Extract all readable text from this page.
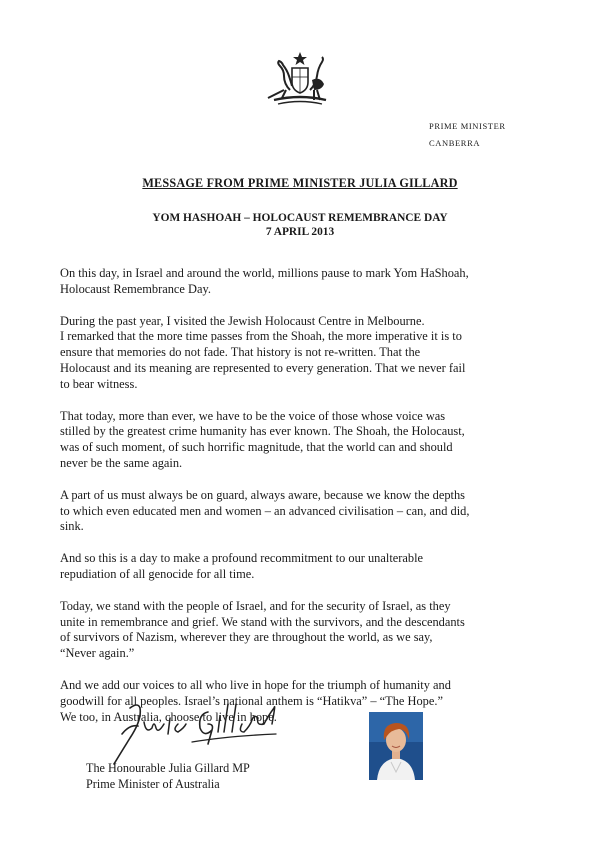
PRIME MINISTER
CANBERRA
MESSAGE FROM PRIME MINISTER JULIA GILLARD
YOM HASHOAH – HOLOCAUST REMEMBRANCE DAY
7 APRIL 2013

On this day, in Israel and around the world, millions pause to mark Yom HaShoah,
Holocaust Remembrance Day.

During the past year, I visited the Jewish Holocaust Centre in Melbourne.
I remarked that the more time passes from the Shoah, the more imperative it is to
ensure that memories do not fade. That history is not re-written. That the
Holocaust and its meaning are represented to every generation. That we never fail
to bear witness.

That today, more than ever, we have to be the voice of those whose voice was
stilled by the greatest crime humanity has ever known. The Shoah, the Holocaust,
was of such moment, of such horrific magnitude, that the world can and should
never be the same again.

A part of us must always be on guard, always aware, because we know the depths
to which even educated men and women – an advanced civilisation – can, and did,
sink.

And so this is a day to make a profound recommitment to our unalterable
repudiation of all genocide for all time.

Today, we stand with the people of Israel, and for the security of Israel, as they
unite in remembrance and grief. We stand with the survivors, and the descendants
of survivors of Nazism, wherever they are throughout the world, as we say,
“Never again.”

And we add our voices to all who live in hope for the triumph of humanity and
goodwill for all peoples. Israel’s national anthem is “Hatikva” – “The Hope.”
We too, in Australia, choose to live in hope.

The Honourable Julia Gillard MP
Prime Minister of Australia
